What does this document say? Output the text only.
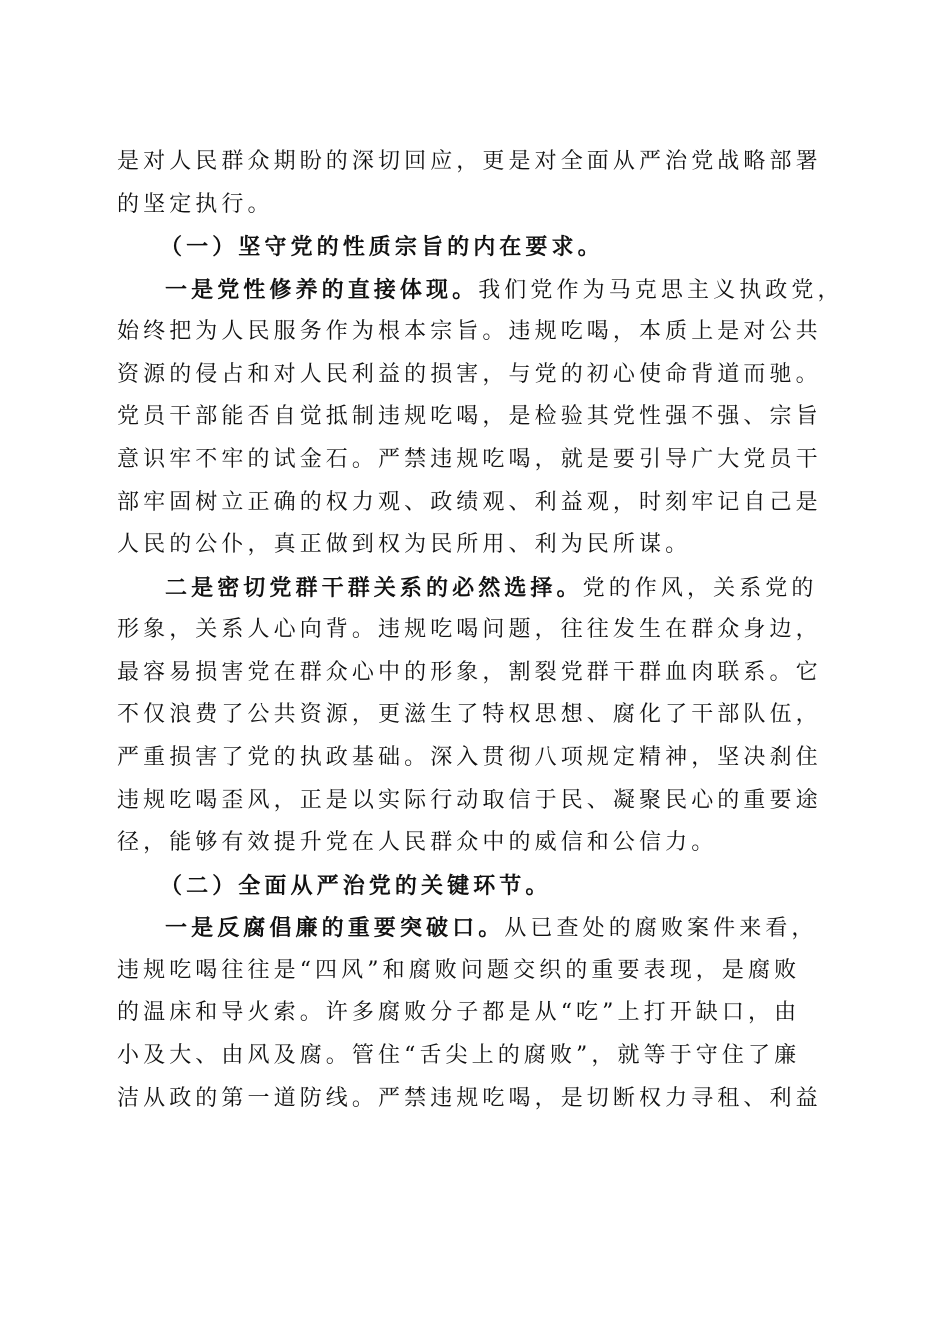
是对人民群众期盼的深切回应，更是对全面从严治党战略部署
的坚定执行。
（一）坚守党的性质宗旨的内在要求。
一是党性修养的直接体现。我们党作为马克思主义执政党，
始终把为人民服务作为根本宗旨。违规吃喝，本质上是对公共
资源的侵占和对人民利益的损害，与党的初心使命背道而驰。
党员干部能否自觉抵制违规吃喝，是检验其党性强不强、宗旨
意识牢不牢的试金石。严禁违规吃喝，就是要引导广大党员干
部牢固树立正确的权力观、政绩观、利益观，时刻牢记自己是
人民的公仆，真正做到权为民所用、利为民所谋。
二是密切党群干群关系的必然选择。党的作风，关系党的
形象，关系人心向背。违规吃喝问题，往往发生在群众身边，
最容易损害党在群众心中的形象，割裂党群干群血肉联系。它
不仅浪费了公共资源，更滋生了特权思想、腐化了干部队伍，
严重损害了党的执政基础。深入贯彻八项规定精神，坚决刹住
违规吃喝歪风，正是以实际行动取信于民、凝聚民心的重要途
径，能够有效提升党在人民群众中的威信和公信力。
（二）全面从严治党的关键环节。
一是反腐倡廉的重要突破口。从已查处的腐败案件来看，
违规吃喝往往是“四风”和腐败问题交织的重要表现，是腐败
的温床和导火索。许多腐败分子都是从“吃”上打开缺口，由
小及大、由风及腐。管住“舌尖上的腐败”，就等于守住了廉
洁从政的第一道防线。严禁违规吃喝，是切断权力寻租、利益
